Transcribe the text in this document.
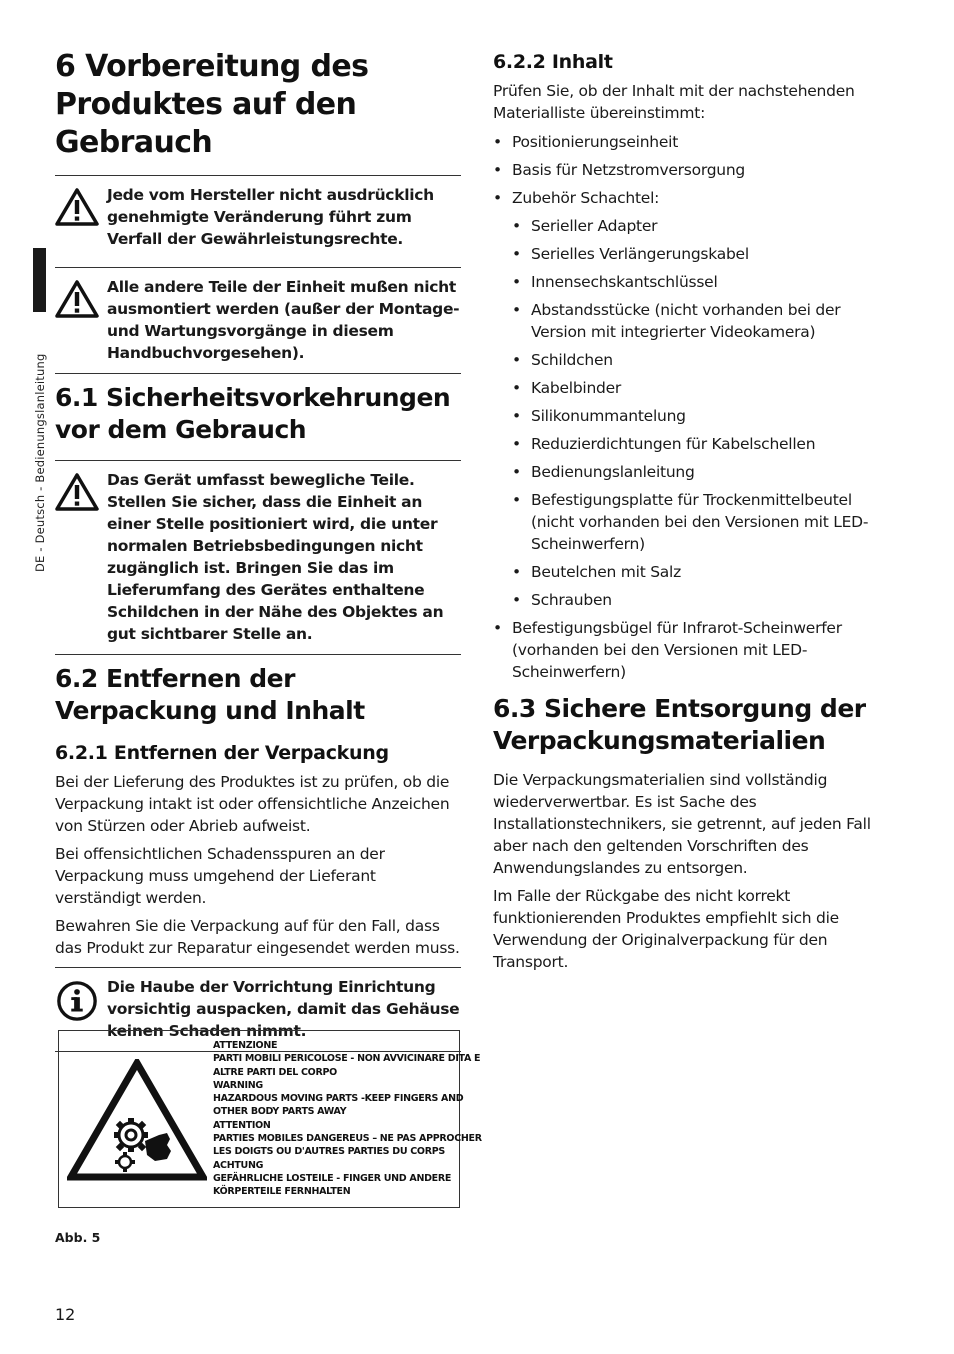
DE - Deutsch - Bedienungslanleitung
6 Vorbereitung des Produktes auf den Gebrauch
Jede vom Hersteller nicht ausdrücklich genehmigte Veränderung führt zum Verfall der Gewährleistungsrechte.
Alle andere Teile der Einheit mußen nicht ausmontiert werden (außer der Montage- und Wartungsvorgänge in diesem Handbuchvorgesehen).
6.1 Sicherheitsvorkehrungen vor dem Gebrauch
Das Gerät umfasst bewegliche Teile. Stellen Sie sicher, dass die Einheit an einer Stelle positioniert wird, die unter normalen Betriebsbedingungen nicht zugänglich ist. Bringen Sie das im Lieferumfang des Gerätes enthaltene Schildchen in der Nähe des Objektes an gut sichtbarer Stelle an.
6.2 Entfernen der Verpackung und Inhalt
6.2.1 Entfernen der Verpackung

Bei der Lieferung des Produktes ist zu prüfen, ob die Verpackung intakt ist oder offensichtliche Anzeichen von Stürzen oder Abrieb aufweist.

Bei offensichtlichen Schadensspuren an der Verpackung muss umgehend der Lieferant verständigt werden.

Bewahren Sie die Verpackung auf für den Fall, dass das Produkt zur Reparatur eingesendet werden muss.

Die Haube der Vorrichtung Einrichtung vorsichtig auspacken, damit das Gehäuse keinen Schaden nimmt.
ATTENZIONE
PARTI MOBILI PERICOLOSE - NON AVVICINARE DITA E
ALTRE PARTI DEL CORPO
WARNING
HAZARDOUS MOVING PARTS -KEEP FINGERS AND
OTHER BODY PARTS AWAY
ATTENTION
PARTIES MOBILES DANGEREUS – NE PAS APPROCHER
LES DOIGTS OU D'AUTRES PARTIES DU CORPS
ACHTUNG
GEFÄHRLICHE LOSTEILE - FINGER UND ANDERE
KÖRPERTEILE FERNHALTEN
Abb. 5
6.2.2 Inhalt

Prüfen Sie, ob der Inhalt mit der nachstehenden Materialliste übereinstimmt:

• Positionierungseinheit
• Basis für Netzstromversorgung
• Zubehör Schachtel:
• Serieller Adapter
• Serielles Verlängerungskabel
• Innensechskantschlüssel
• Abstandsstücke (nicht vorhanden bei der Version mit integrierter Videokamera)
• Schildchen
• Kabelbinder
• Silikonummantelung
• Reduzierdichtungen für Kabelschellen
• Bedienungslanleitung
• Befestigungsplatte für Trockenmittelbeutel (nicht vorhanden bei den Versionen mit LED-Scheinwerfern)
• Beutelchen mit Salz
• Schrauben
• Befestigungsbügel für Infrarot-Scheinwerfer (vorhanden bei den Versionen mit LED-Scheinwerfern)
6.3 Sichere Entsorgung der Verpackungsmaterialien

Die Verpackungsmaterialien sind vollständig wiederverwertbar. Es ist Sache des Installationstechnikers, sie getrennt, auf jeden Fall aber nach den geltenden Vorschriften des Anwendungslandes zu entsorgen.

Im Falle der Rückgabe des nicht korrekt funktionierenden Produktes empfiehlt sich die Verwendung der Originalverpackung für den Transport.

12
